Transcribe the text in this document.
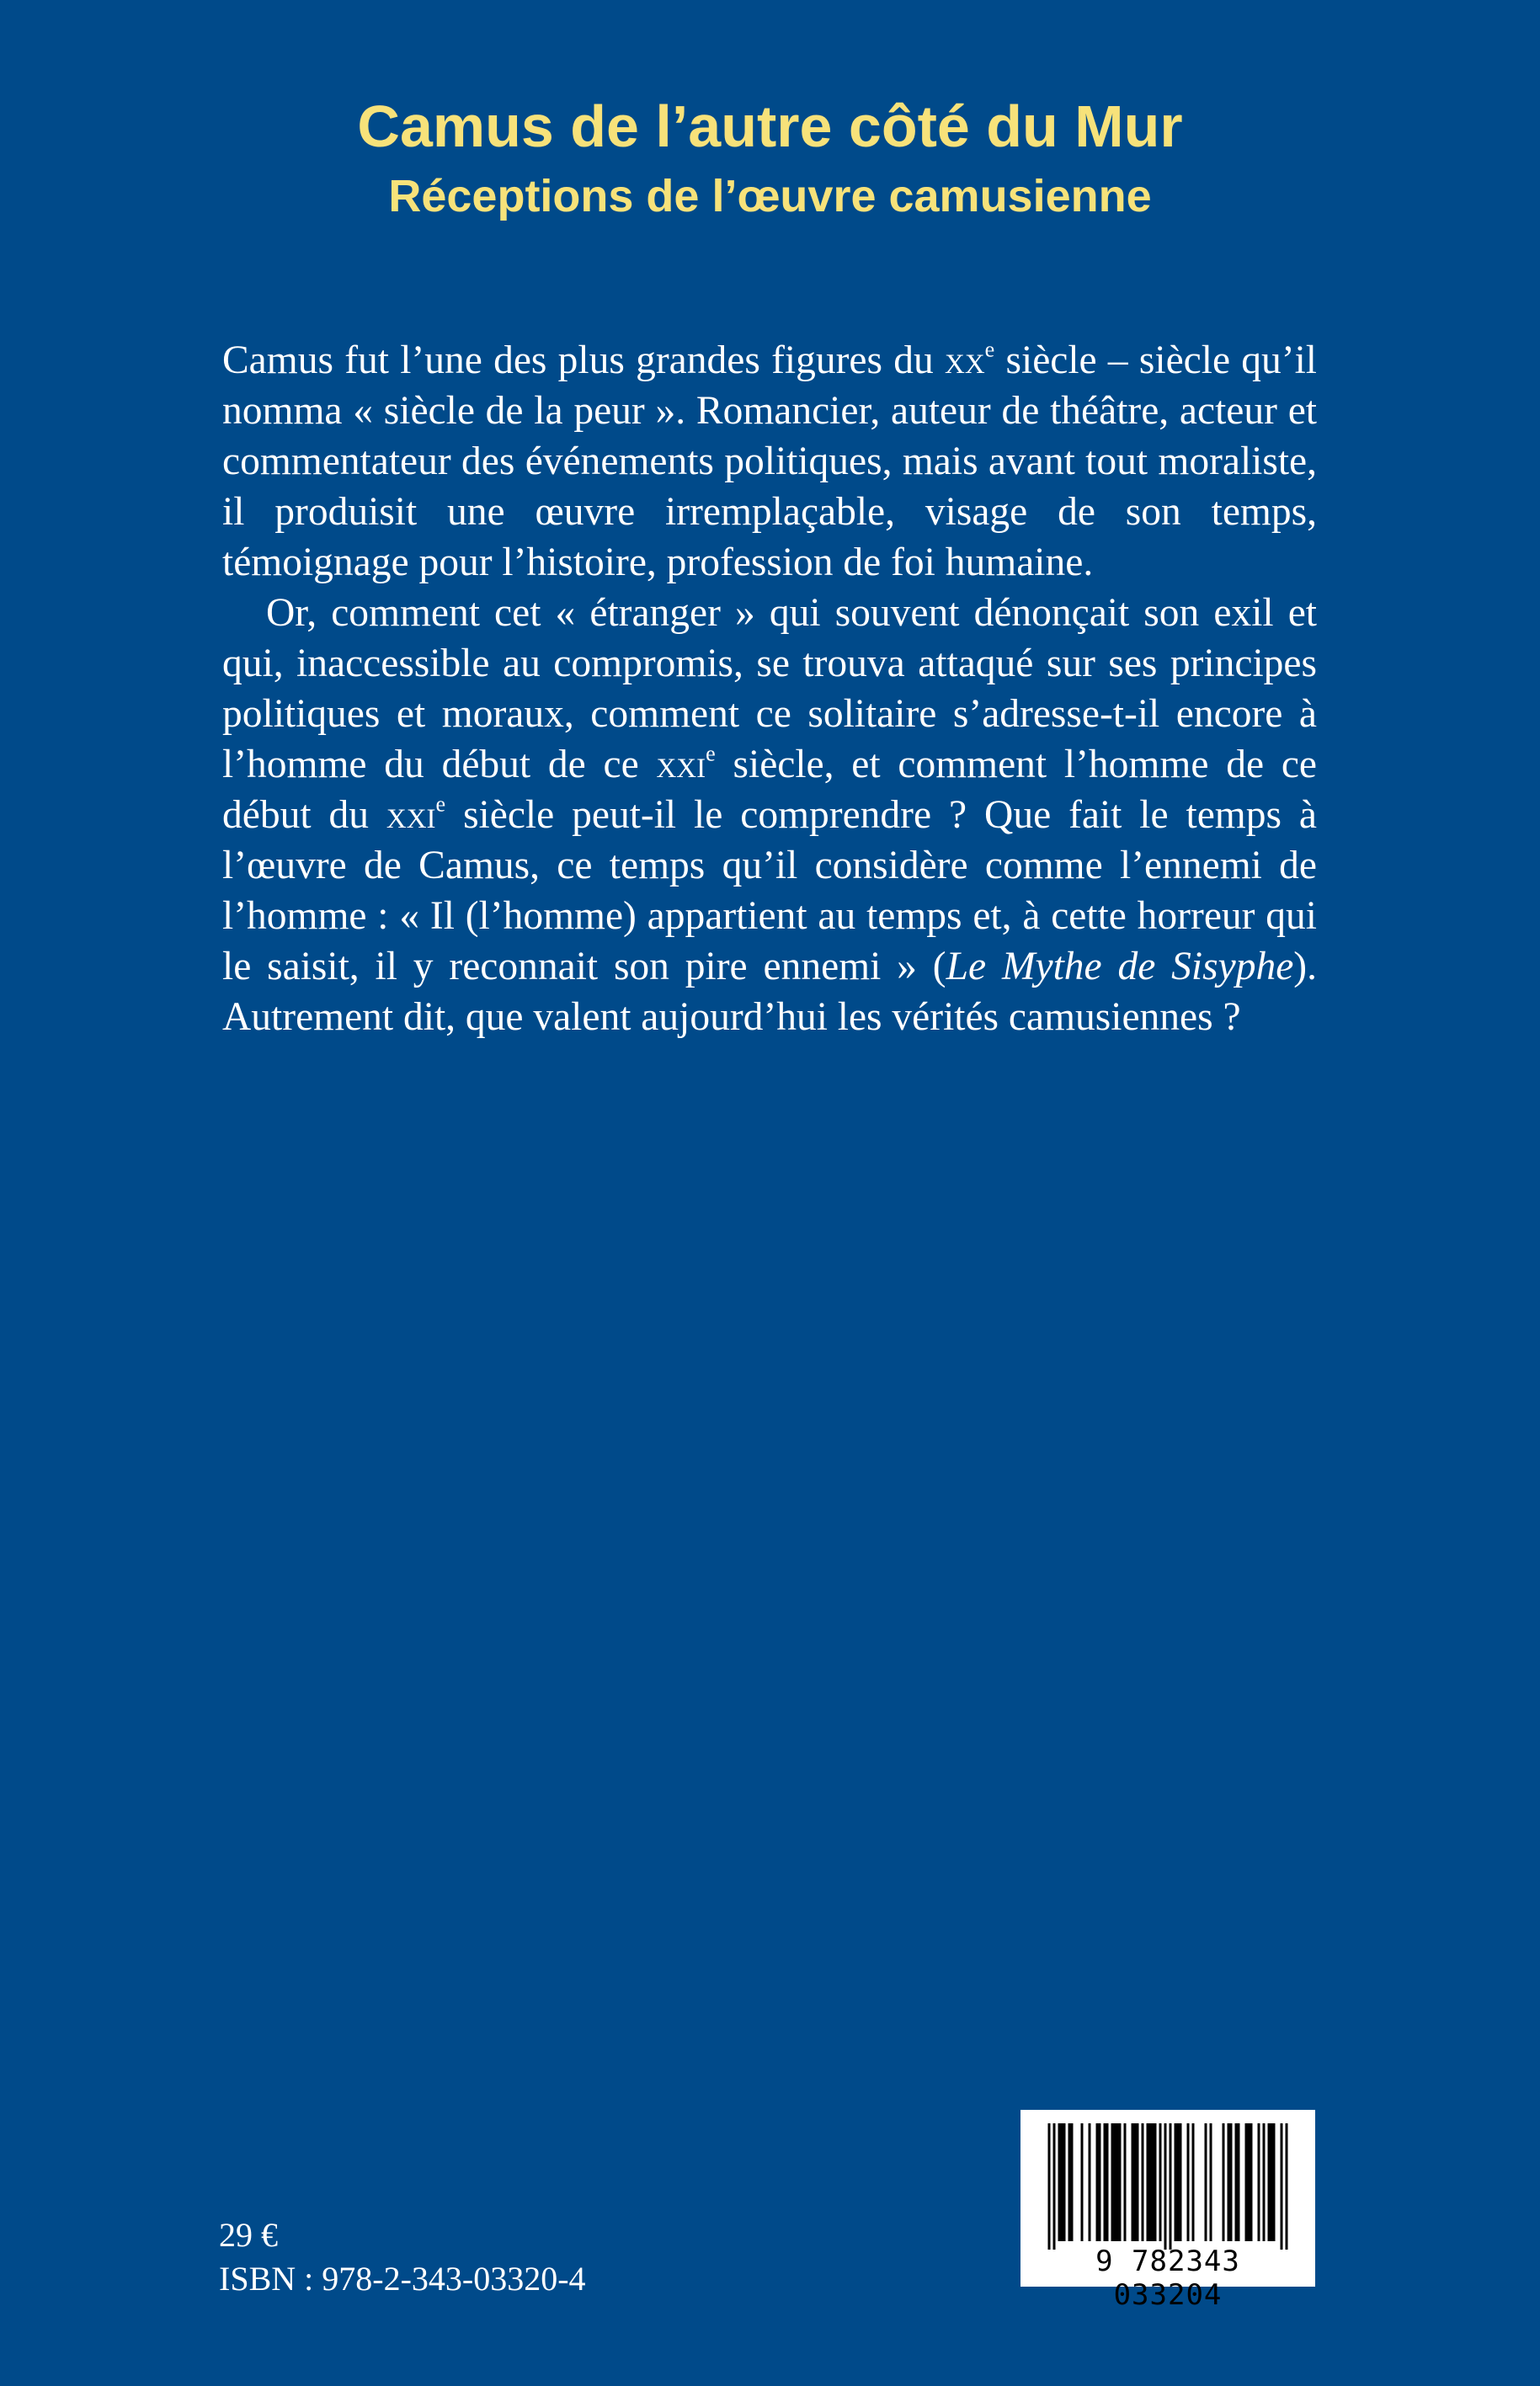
Camus de l’autre côté du Mur
Réceptions de l’œuvre camusienne

Camus fut l’une des plus grandes figures du $xx^e$ siècle – siècle qu’il nomma « siècle de la peur ». Romancier, auteur de théâtre, acteur et commentateur des événements politiques, mais avant tout moraliste, il produisit une œuvre irremplaçable, visage de son temps, témoignage pour l’histoire, profession de foi humaine.

Or, comment cet « étranger » qui souvent dénonçait son exil et qui, inaccessible au compromis, se trouva attaqué sur ses principes politiques et moraux, comment ce solitaire s’adresse-t-il encore à l’homme du début de ce xxi$^e$ siècle, et comment l’homme de ce début du xxi$^e$ siècle peut-il le comprendre ? Que fait le temps à l’œuvre de Camus, ce temps qu’il considère comme l’ennemi de l’homme : « Il (l’homme) appartient au temps et, à cette horreur qui le saisit, il y reconnait son pire ennemi » (Le Mythe de Sisyphe). Autrement dit, que valent aujourd’hui les vérités camusiennes ?

29 €

ISBN : 978-2-343-03320-4	9 782343 033204
